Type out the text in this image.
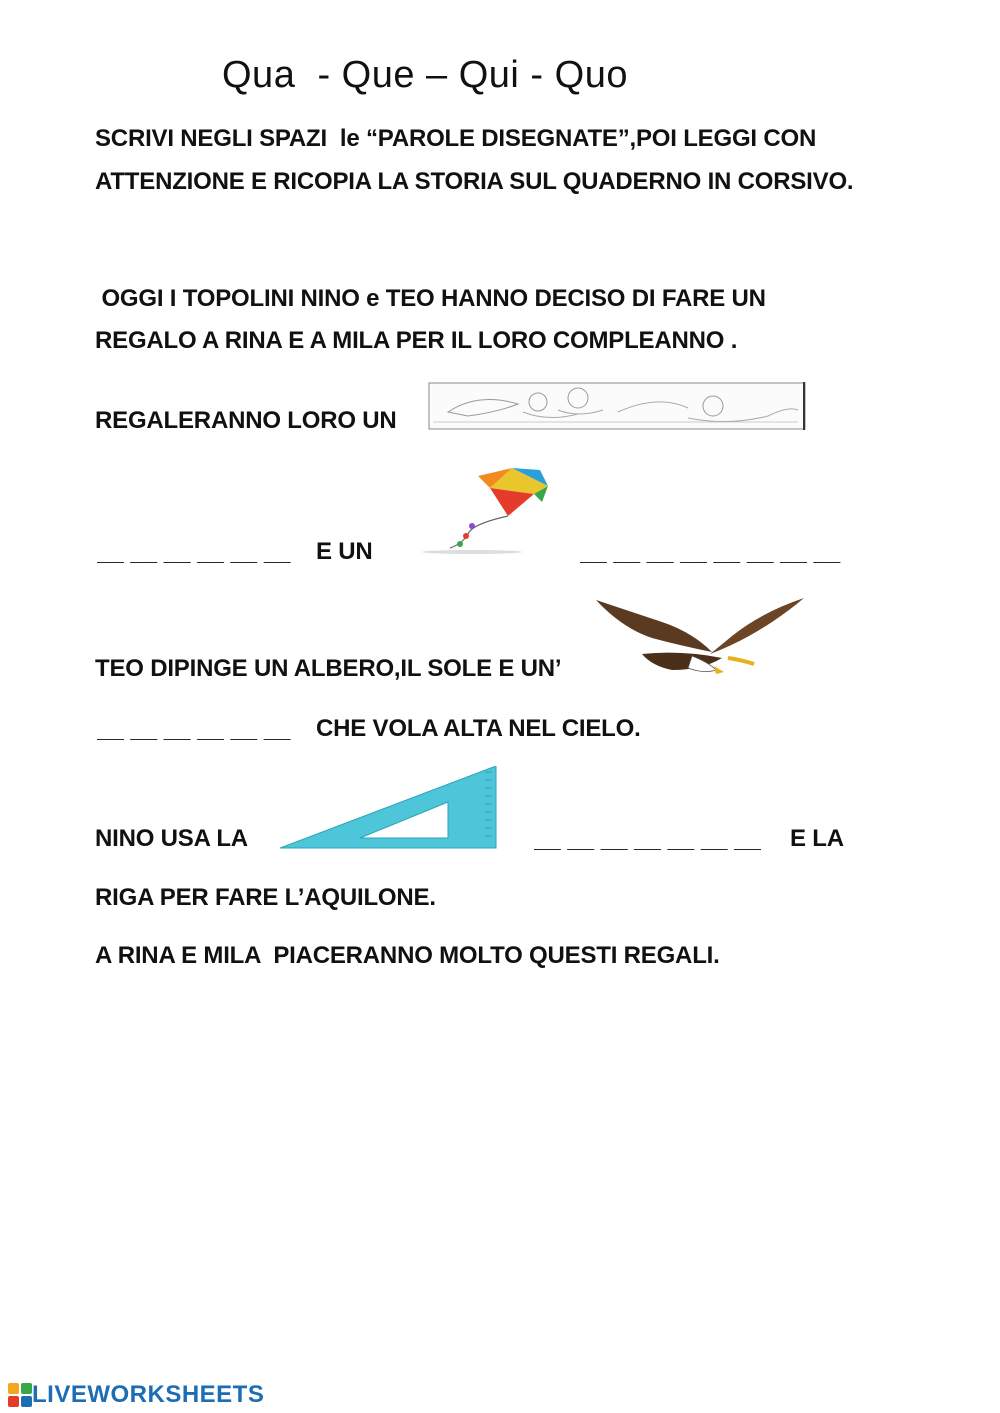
Qua  - Que – Qui - Quo
SCRIVI NEGLI SPAZI  le “PAROLE DISEGNATE”,POI LEGGI CON
ATTENZIONE E RICOPIA LA STORIA SUL QUADERNO IN CORSIVO.
OGGI I TOPOLINI NINO e TEO HANNO DECISO DI FARE UN
REGALO A RINA E A MILA PER IL LORO COMPLEANNO .
REGALERANNO LORO UN
__ __ __ __ __ __
E UN
__ __ __ __ __ __ __ __
TEO DIPINGE UN ALBERO,IL SOLE E UN’
__ __ __ __ __ __
CHE VOLA ALTA NEL CIELO.
NINO USA LA
__ __ __ __ __ __ __	E LA
RIGA PER FARE L’AQUILONE.
A RINA E MILA  PIACERANNO MOLTO QUESTI REGALI.
LIVEWORKSHEETS
